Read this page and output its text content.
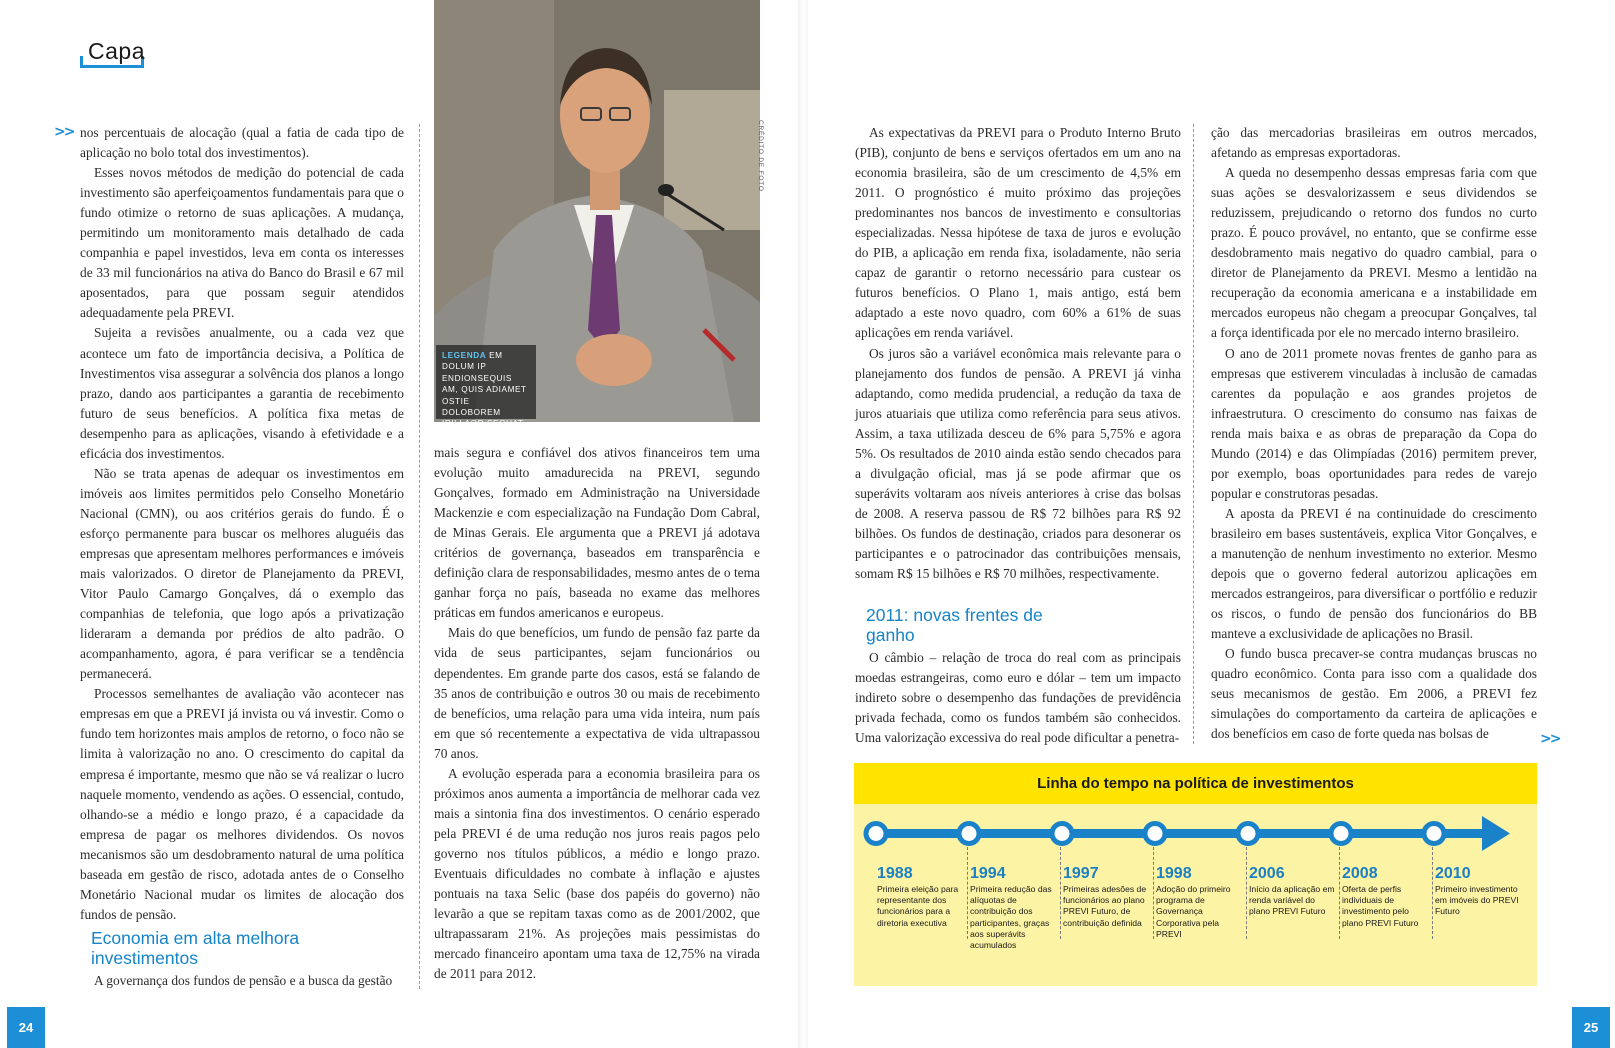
Capa
>> nos percentuais de alocação (qual a fatia de cada tipo de aplicação no bolo total dos investimentos).

Esses novos métodos de medição do potencial de cada investimento são aperfeiçoamentos fundamentais para que o fundo otimize o retorno de suas aplicações. A mudança, permitindo um monitoramento mais detalhado de cada companhia e papel investidos, leva em conta os interesses de 33 mil funcionários na ativa do Banco do Brasil e 67 mil aposentados, para que possam seguir atendidos adequadamente pela PREVI.

Sujeita a revisões anualmente, ou a cada vez que acontece um fato de importância decisiva, a Política de Investimentos visa assegurar a solvência dos planos a longo prazo, dando aos participantes a garantia de recebimento futuro de seus benefícios. A política fixa metas de desempenho para as aplicações, visando à efetividade e a eficácia dos investimentos.

Não se trata apenas de adequar os investimentos em imóveis aos limites permitidos pelo Conselho Monetário Nacional (CMN), ou aos critérios gerais do fundo. É o esforço permanente para buscar os melhores aluguéis das empresas que apresentam melhores performances e imóveis mais valorizados. O diretor de Planejamento da PREVI, Vitor Paulo Camargo Gonçalves, dá o exemplo das companhias de telefonia, que logo após a privatização lideraram a demanda por prédios de alto padrão. O acompanhamento, agora, é para verificar se a tendência permanecerá.

Processos semelhantes de avaliação vão acontecer nas empresas em que a PREVI já invista ou vá investir. Como o fundo tem horizontes mais amplos de retorno, o foco não se limita à valorização no ano. O crescimento do capital da empresa é importante, mesmo que não se vá realizar o lucro naquele momento, vendendo as ações. O essencial, contudo, olhando-se a médio e longo prazo, é a capacidade da empresa de pagar os melhores dividendos. Os novos mecanismos são um desdobramento natural de uma política baseada em gestão de risco, adotada antes de o Conselho Monetário Nacional mudar os limites de alocação dos fundos de pensão.

Economia em alta melhora investimentos

A governança dos fundos de pensão e a busca da gestão

LEGENDA EM DOLUM IP ENDIONSEQUIS AM, QUIS ADIAMET OSTIE DOLOBOREM IRILLAOR SEQUAT.
CRÉDITO DE FOTO

mais segura e confiável dos ativos financeiros tem uma evolução muito amadurecida na PREVI, segundo Gonçalves, formado em Administração na Universidade Mackenzie e com especialização na Fundação Dom Cabral, de Minas Gerais. Ele argumenta que a PREVI já adotava critérios de governança, baseados em transparência e definição clara de responsabilidades, mesmo antes de o tema ganhar força no país, baseada no exame das melhores práticas em fundos americanos e europeus.

Mais do que benefícios, um fundo de pensão faz parte da vida de seus participantes, sejam funcionários ou dependentes. Em grande parte dos casos, está se falando de 35 anos de contribuição e outros 30 ou mais de recebimento de benefícios, uma relação para uma vida inteira, num país em que só recentemente a expectativa de vida ultrapassou 70 anos.

A evolução esperada para a economia brasileira para os próximos anos aumenta a importância de melhorar cada vez mais a sintonia fina dos investimentos. O cenário esperado pela PREVI é de uma redução nos juros reais pagos pelo governo nos títulos públicos, a médio e longo prazo. Eventuais dificuldades no combate à inflação e ajustes pontuais na taxa Selic (base dos papéis do governo) não levarão a que se repitam taxas como as de 2001/2002, que ultrapassaram 21%. As projeções mais pessimistas do mercado financeiro apontam uma taxa de 12,75% na virada de 2011 para 2012.

24

As expectativas da PREVI para o Produto Interno Bruto (PIB), conjunto de bens e serviços ofertados em um ano na economia brasileira, são de um crescimento de 4,5% em 2011. O prognóstico é muito próximo das projeções predominantes nos bancos de investimento e consultorias especializadas. Nessa hipótese de taxa de juros e evolução do PIB, a aplicação em renda fixa, isoladamente, não seria capaz de garantir o retorno necessário para custear os futuros benefícios. O Plano 1, mais antigo, está bem adaptado a este novo quadro, com 60% a 61% de suas aplicações em renda variável.

Os juros são a variável econômica mais relevante para o planejamento dos fundos de pensão. A PREVI já vinha adaptando, como medida prudencial, a redução da taxa de juros atuariais que utiliza como referência para seus ativos. Assim, a taxa utilizada desceu de 6% para 5,75% e agora 5%. Os resultados de 2010 ainda estão sendo checados para a divulgação oficial, mas já se pode afirmar que os superávits voltaram aos níveis anteriores à crise das bolsas de 2008. A reserva passou de R$ 72 bilhões para R$ 92 bilhões. Os fundos de destinação, criados para desonerar os participantes e o patrocinador das contribuições mensais, somam R$ 15 bilhões e R$ 70 milhões, respectivamente.

2011: novas frentes de ganho

O câmbio – relação de troca do real com as principais moedas estrangeiras, como euro e dólar – tem um impacto indireto sobre o desempenho das fundações de previdência privada fechada, como os fundos também são conhecidos. Uma valorização excessiva do real pode dificultar a penetra-

ção das mercadorias brasileiras em outros mercados, afetando as empresas exportadoras.

A queda no desempenho dessas empresas faria com que suas ações se desvalorizassem e seus dividendos se reduzissem, prejudicando o retorno dos fundos no curto prazo. É pouco provável, no entanto, que se confirme esse desdobramento mais negativo do quadro cambial, para o diretor de Planejamento da PREVI. Mesmo a lentidão na recuperação da economia americana e a instabilidade em mercados europeus não chegam a preocupar Gonçalves, tal a força identificada por ele no mercado interno brasileiro.

O ano de 2011 promete novas frentes de ganho para as empresas que estiverem vinculadas à inclusão de camadas carentes da população e aos grandes projetos de infraestrutura. O crescimento do consumo nas faixas de renda mais baixa e as obras de preparação da Copa do Mundo (2014) e das Olimpíadas (2016) permitem prever, por exemplo, boas oportunidades para redes de varejo popular e construtoras pesadas.

A aposta da PREVI é na continuidade do crescimento brasileiro em bases sustentáveis, explica Vitor Gonçalves, e a manutenção de nenhum investimento no exterior. Mesmo depois que o governo federal autorizou aplicações em mercados estrangeiros, para diversificar o portfólio e reduzir os riscos, o fundo de pensão dos funcionários do BB manteve a exclusividade de aplicações no Brasil.

O fundo busca precaver-se contra mudanças bruscas no quadro econômico. Conta para isso com a qualidade dos seus mecanismos de gestão. Em 2006, a PREVI fez simulações do comportamento da carteira de aplicações e dos benefícios em caso de forte queda nas bolsas de	>>
Linha do tempo na política de investimentos
1988
Primeira eleição para representante dos funcionários para a diretoria executiva
1994
Primeira redução das alíquotas de contribuição dos participantes, graças aos superávits acumulados
1997
Primeiras adesões de funcionários ao plano PREVI Futuro, de contribuição definida
1998
Adoção do primeiro programa de Governança Corporativa pela PREVI
2006
Início da aplicação em renda variável do plano PREVI Futuro
2008
Oferta de perfis individuais de investimento pelo plano PREVI Futuro
2010
Primeiro investimento em imóveis do PREVI Futuro
25
